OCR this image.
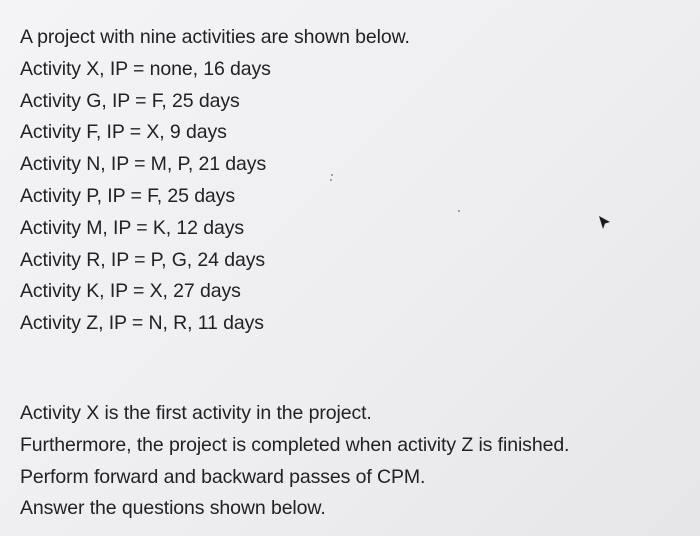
A project with nine activities are shown below.
Activity X, IP = none, 16 days
Activity G, IP = F, 25 days
Activity F, IP = X, 9 days
Activity N, IP = M, P, 21 days
Activity P, IP = F, 25 days
Activity M, IP = K, 12 days
Activity R, IP = P, G, 24 days
Activity K, IP = X, 27 days
Activity Z, IP = N, R, 11 days
Activity X is the first activity in the project.
Furthermore, the project is completed when activity Z is finished.
Perform forward and backward passes of CPM.
Answer the questions shown below.
